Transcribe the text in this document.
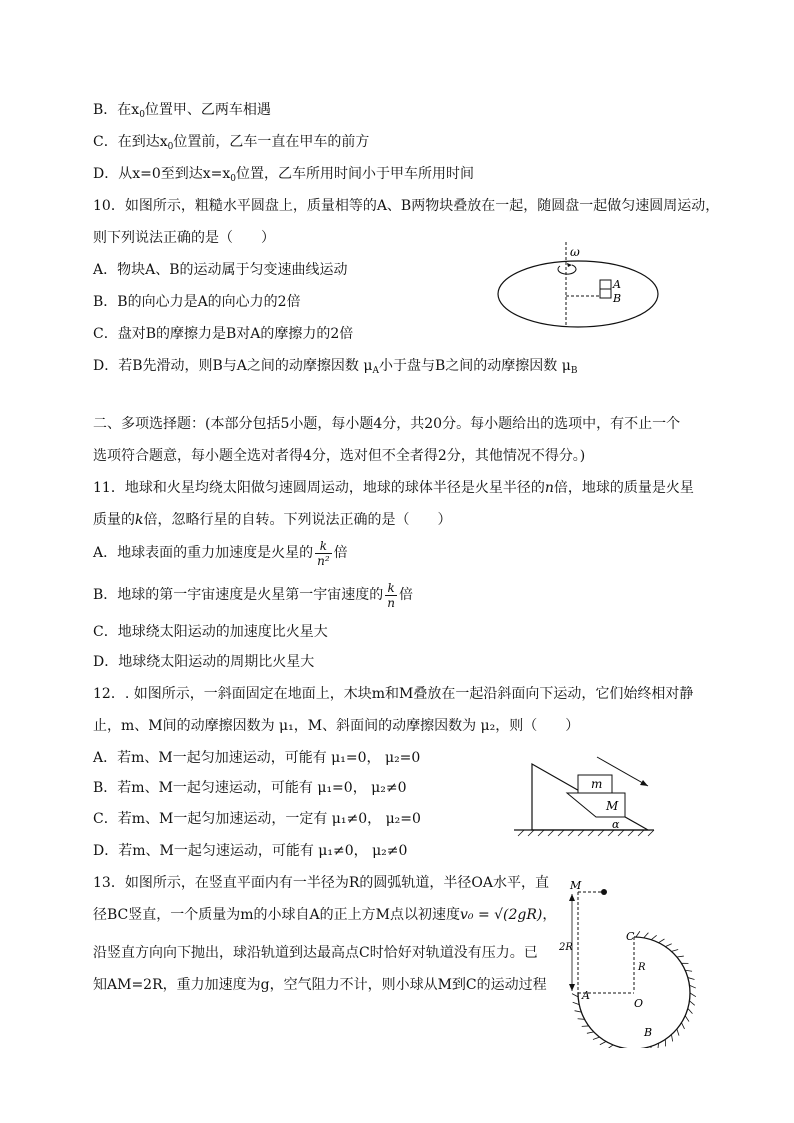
B．在$x_0$位置甲、乙两车相遇
C．在到达$x_0$位置前，乙车一直在甲车的前方
D．从x=0至到达$x=x_0$位置，乙车所用时间小于甲车所用时间
10．如图所示，粗糙水平圆盘上，质量相等的A、B两物块叠放在一起，随圆盘一起做匀速圆周运动，
则下列说法正确的是（　　）
A．物块A、B的运动属于匀变速曲线运动
B．B的向心力是A的向心力的2倍
C．盘对B的摩擦力是B对A的摩擦力的2倍
D．若B先滑动，则B与A之间的动摩擦因数 $\mu_A$小于盘与B之间的动摩擦因数 $\mu_B$
ω
A
B
二、多项选择题：(本部分包括5小题，每小题4分，共20分。每小题给出的选项中，有不止一个
选项符合题意，每小题全选对者得4分，选对但不全者得2分，其他情况不得分。)
11．地球和火星均绕太阳做匀速圆周运动，地球的球体半径是火星半径的n倍，地球的质量是火星
质量的k倍，忽略行星的自转。下列说法正确的是（　　）
A．地球表面的重力加速度是火星的 $\frac{k}{\text{n²}}$ 倍
B．地球的第一宇宙速度是火星第一宇宙速度的 $\frac{k}{n}$ 倍
C．地球绕太阳运动的加速度比火星大
D．地球绕太阳运动的周期比火星大
12．. 如图所示，一斜面固定在地面上，木块m和M叠放在一起沿斜面向下运动，它们始终相对静
止，m、M间的动摩擦因数为 μ₁，M、斜面间的动摩擦因数为 μ₂，则（　　）
A．若m、M一起匀加速运动，可能有 μ₁=0， μ₂=0
B．若m、M一起匀速运动，可能有 μ₁=0， μ₂≠0
C．若m、M一起匀加速运动，一定有 μ₁≠0， μ₂=0
D．若m、M一起匀速运动，可能有 μ₁≠0， μ₂≠0
m
M
α
13．如图所示，在竖直平面内有一半径为R的圆弧轨道，半径OA水平，直
径BC竖直，一个质量为m的小球自A的正上方M点以初速度v₀ = √(2gR)，
沿竖直方向向下抛出，球沿轨道到达最高点C时恰好对轨道没有压力。已
知AM=2R，重力加速度为g，空气阻力不计，则小球从M到C的运动过程
M
C
R
2R
A
O
B
